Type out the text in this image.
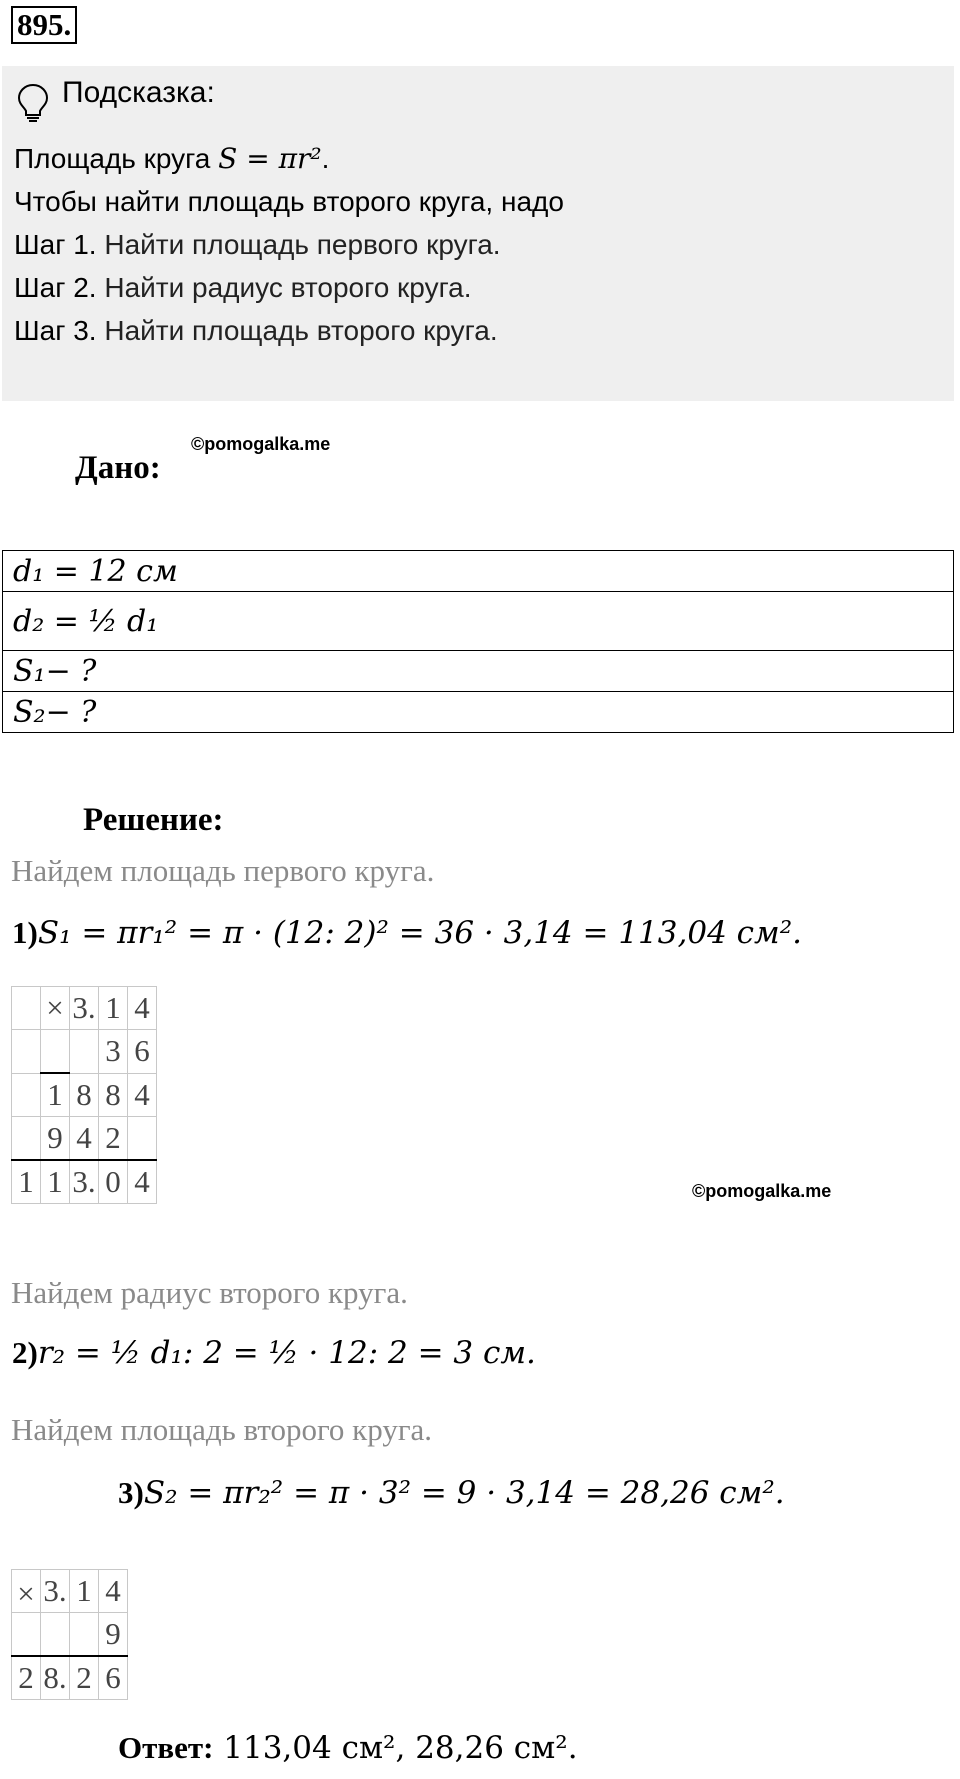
895.
Подсказка:
Площадь круга S = πr².
Чтобы найти площадь второго круга, надо
Шаг 1. Найти площадь первого круга.
Шаг 2. Найти радиус второго круга.
Шаг 3. Найти площадь второго круга.
Дано:
©pomogalka.me
d₁ = 12 см
d₂ = ½ d₁
S₁− ?
S₂− ?
Решение:
Найдем площадь первого круга.
1)S₁ = πr₁² = π · (12: 2)² = 36 · 3,14 = 113,04 см².
	×	3.	1	4
			3	6
	1	8	8	4
	9	4	2	
1	1	3.	0	4	©pomogalka.me
Найдем радиус второго круга.
2)r₂ = ½ d₁: 2 = ½ · 12: 2 = 3 см.
Найдем площадь второго круга.
3)S₂ = πr₂² = π · 3² = 9 · 3,14 = 28,26 см².
×	3.	1	4
			9
2	8.	2	6
Ответ: 113,04 см², 28,26 см².
